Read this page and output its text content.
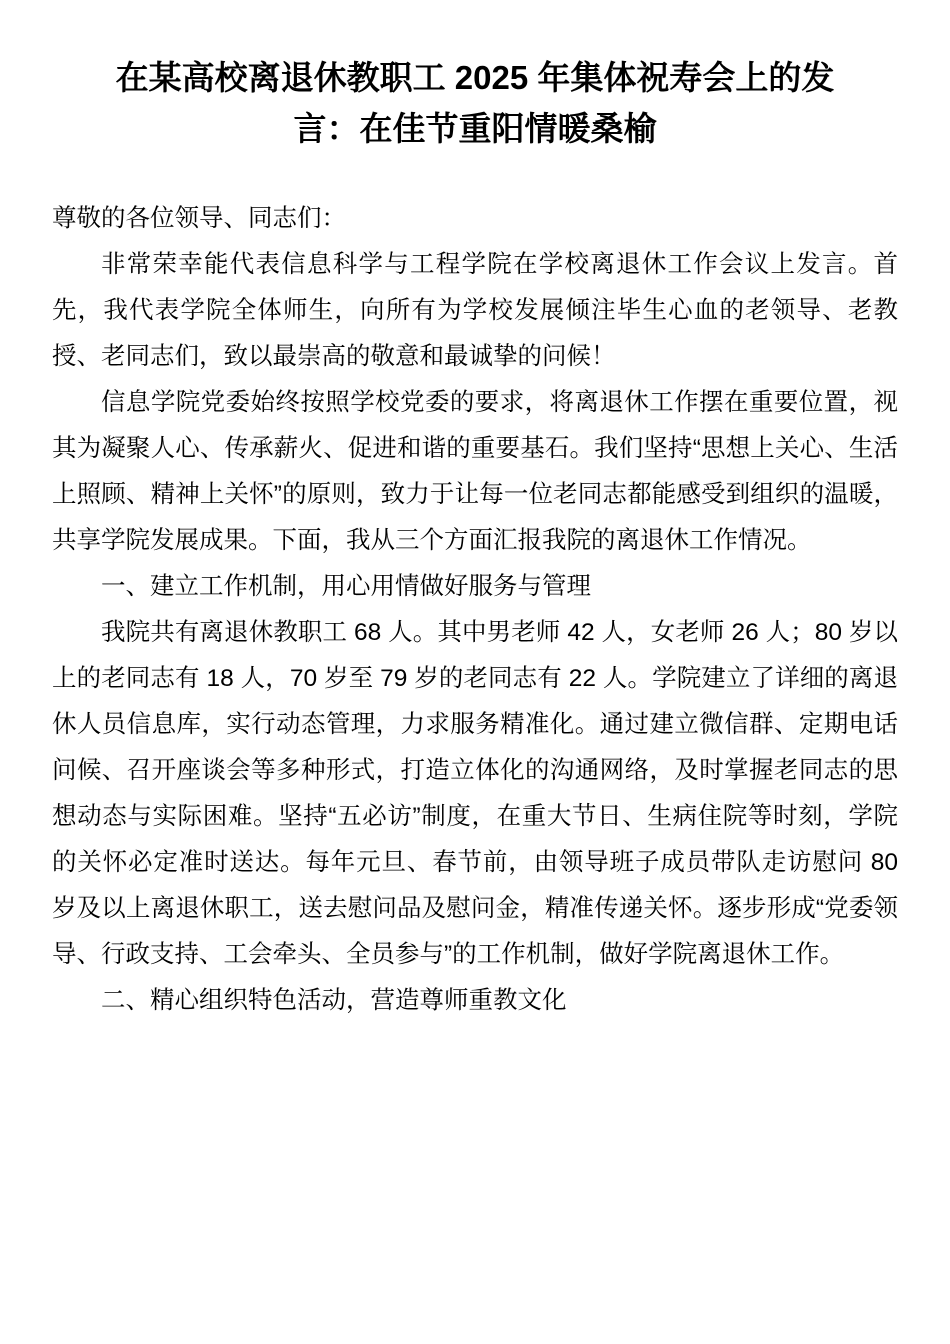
在某高校离退休教职工 2025 年集体祝寿会上的发 言：在佳节重阳情暖桑榆

尊敬的各位领导、同志们：

非常荣幸能代表信息科学与工程学院在学校离退休工作会议上发言。首先，我代表学院全体师生，向所有为学校发展倾注毕生心血的老领导、老教授、老同志们，致以最崇高的敬意和最诚挚的问候！

信息学院党委始终按照学校党委的要求，将离退休工作摆在重要位置，视其为凝聚人心、传承薪火、促进和谐的重要基石。我们坚持“思想上关心、生活上照顾、精神上关怀”的原则，致力于让每一位老同志都能感受到组织的温暖，共享学院发展成果。下面，我从三个方面汇报我院的离退休工作情况。

一、建立工作机制，用心用情做好服务与管理

我院共有离退休教职工 68 人。其中男老师 42 人，女老师 26 人；80 岁以上的老同志有 18 人，70 岁至 79 岁的老同志有 22 人。学院建立了详细的离退休人员信息库，实行动态管理，力求服务精准化。通过建立微信群、定期电话问候、召开座谈会等多种形式，打造立体化的沟通网络，及时掌握老同志的思想动态与实际困难。坚持“五必访”制度，在重大节日、生病住院等时刻，学院的关怀必定准时送达。每年元旦、春节前，由领导班子成员带队走访慰问 80 岁及以上离退休职工，送去慰问品及慰问金，精准传递关怀。逐步形成“党委领导、行政支持、工会牵头、全员参与”的工作机制，做好学院离退休工作。

二、精心组织特色活动，营造尊师重教文化
